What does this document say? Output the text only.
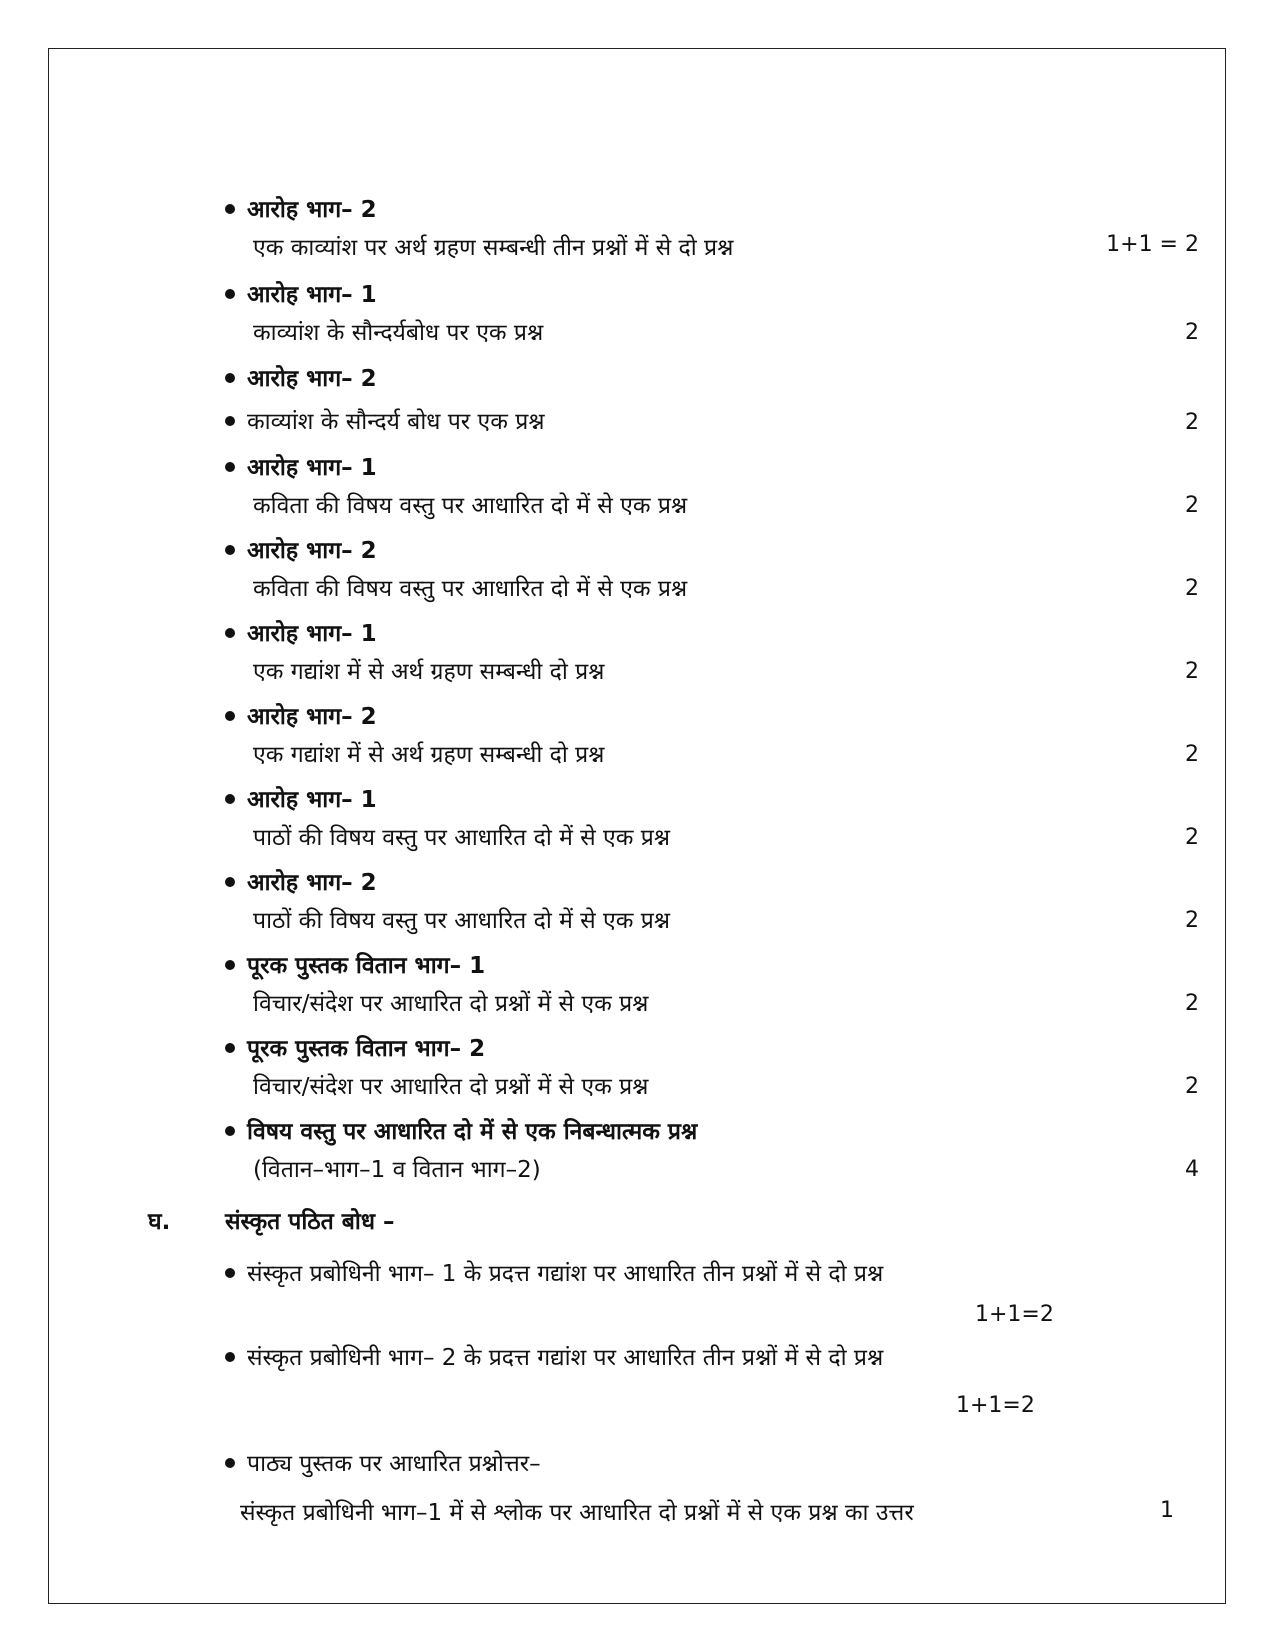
आरोह भाग– 2
एक काव्यांश पर अर्थ ग्रहण सम्बन्धी तीन प्रश्नों में से दो प्रश्न	1+1 = 2
आरोह भाग– 1
काव्यांश के सौन्दर्यबोध पर एक प्रश्न	2
आरोह भाग– 2
काव्यांश के सौन्दर्य बोध पर एक प्रश्न	2
आरोह भाग– 1
कविता की विषय वस्तु पर आधारित दो में से एक प्रश्न	2
आरोह भाग– 2
कविता की विषय वस्तु पर आधारित दो में से एक प्रश्न	2
आरोह भाग– 1
एक गद्यांश में से अर्थ ग्रहण सम्बन्धी दो प्रश्न	2
आरोह भाग– 2
एक गद्यांश में से अर्थ ग्रहण सम्बन्धी दो प्रश्न	2
आरोह भाग– 1
पाठों की विषय वस्तु पर आधारित दो में से एक प्रश्न	2
आरोह भाग– 2
पाठों की विषय वस्तु पर आधारित दो में से एक प्रश्न	2
पूरक पुस्तक वितान भाग– 1
विचार/संदेश पर आधारित दो प्रश्नों में से एक प्रश्न	2
पूरक पुस्तक वितान भाग– 2
विचार/संदेश पर आधारित दो प्रश्नों में से एक प्रश्न	2
विषय वस्तु पर आधारित दो में से एक निबन्धात्मक प्रश्न
(वितान–भाग–1 व वितान भाग–2)	4
घ. संस्कृत पठित बोध –
संस्कृत प्रबोधिनी भाग– 1 के प्रदत्त गद्यांश पर आधारित तीन प्रश्नों में से दो प्रश्न
1+1=2
संस्कृत प्रबोधिनी भाग– 2 के प्रदत्त गद्यांश पर आधारित तीन प्रश्नों में से दो प्रश्न
1+1=2
पाठ्य पुस्तक पर आधारित प्रश्नोत्तर–
संस्कृत प्रबोधिनी भाग–1 में से श्लोक पर आधारित दो प्रश्नों में से एक प्रश्न का उत्तर	1
